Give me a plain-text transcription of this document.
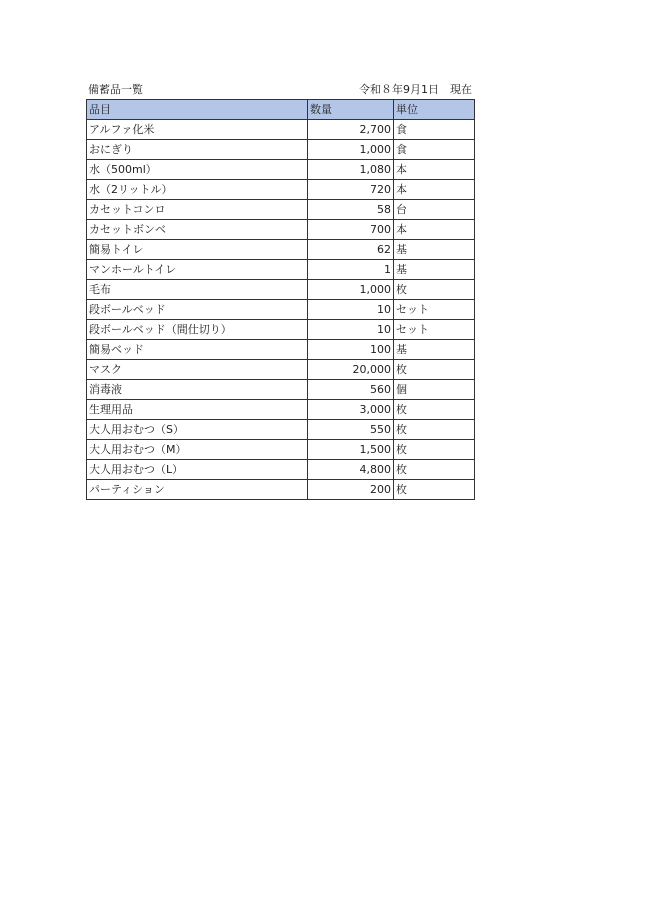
備蓄品一覧	令和８年9月1日　現在
品目	数量	単位
アルファ化米	2,700	食
おにぎり	1,000	食
水（500ml）	1,080	本
水（2リットル）	720	本
カセットコンロ	58	台
カセットボンベ	700	本
簡易トイレ	62	基
マンホールトイレ	1	基
毛布	1,000	枚
段ボールベッド	10	セット
段ボールベッド（間仕切り）	10	セット
簡易ベッド	100	基
マスク	20,000	枚
消毒液	560	個
生理用品	3,000	枚
大人用おむつ（S）	550	枚
大人用おむつ（M）	1,500	枚
大人用おむつ（L）	4,800	枚
パーティション	200	枚
